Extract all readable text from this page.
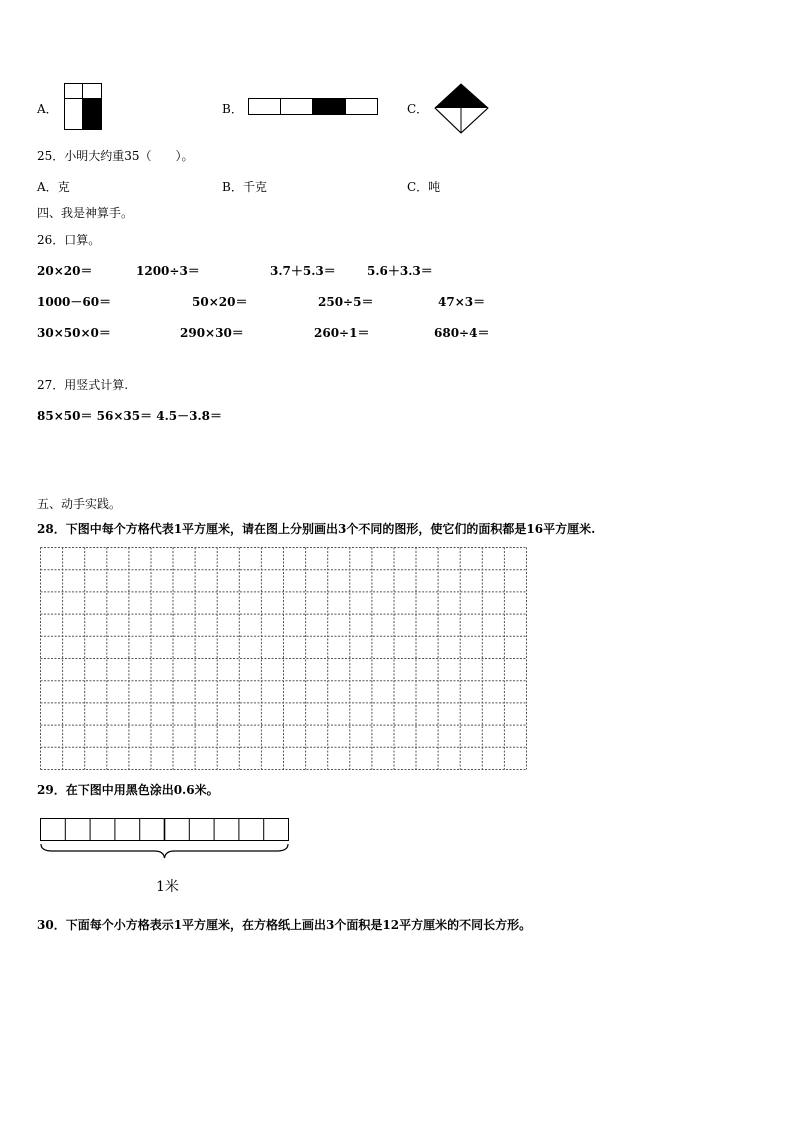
A．	B．	C．
25．小明大约重35（　　）。
A．克	B．千克	C．吨
四、我是神算手。
26．口算。
20×20＝	1200÷3＝	3.7＋5.3＝	5.6＋3.3＝
1000－60＝	50×20＝	250÷5＝	47×3＝
30×50×0＝	290×30＝	260÷1＝	680÷4＝
27．用竖式计算.
85×50＝ 56×35＝ 4.5－3.8＝
五、动手实践。
28．下图中每个方格代表1平方厘米，请在图上分别画出3个不同的图形，使它们的面积都是16平方厘米.
29．在下图中用黑色涂出0.6米。
1米
30．下面每个小方格表示1平方厘米，在方格纸上画出3个面积是12平方厘米的不同长方形。
